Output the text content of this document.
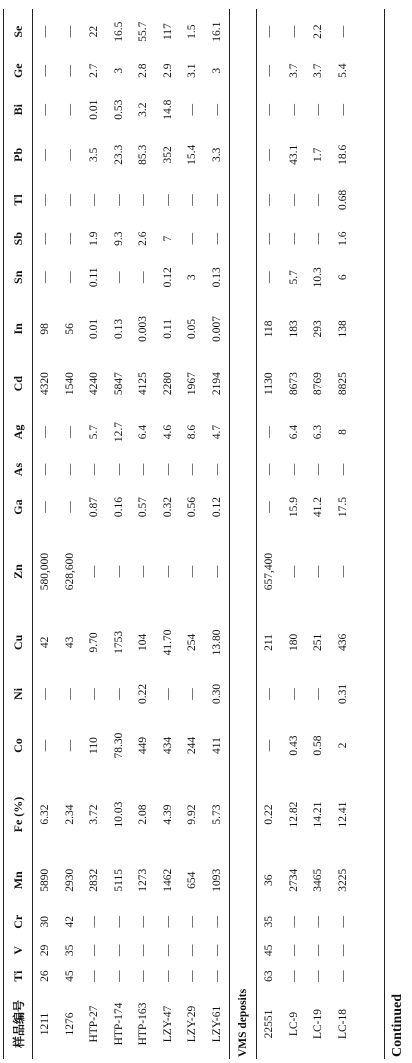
样品编号	Ti	V	Cr	Mn	Fe (%)	Co	Ni	Cu	Zn	Ga	As	Ag	Cd	In	Sn	Sb	Tl	Pb	Bi	Ge	Se
1211	26	29	30	5890	6.32	—	—	42	580,000	—	—	—	4320	98	—	—	—	—	—	—	—
1276	45	35	42	2930	2.34	—	—	43	628,600	—	—	—	1540	56	—	—	—	—	—	—	—
HTP-27	—	—	—	2832	3.72	110	—	9.70	—	0.87	—	5.7	4240	0.01	0.11	1.9	—	3.5	0.01	2.7	22
HTP-174	—	—	—	5115	10.03	78.30	—	1753	—	0.16	—	12.7	5847	0.13	—	9.3	—	23.3	0.53	3	16.5
HTP-163	—	—	—	1273	2.08	449	0.22	104	—	0.57	—	6.4	4125	0.003	—	2.6	—	85.3	3.2	2.8	55.7
LZY-47	—	—	—	1462	4.39	434	—	41.70	—	0.32	—	4.6	2280	0.11	0.12	7	—	352	14.8	2.9	117
LZY-29	—	—	—	654	9.92	244	—	254	—	0.56	—	8.6	1967	0.05	3	—	—	15.4	—	3.1	1.5
LZY-61	—	—	—	1093	5.73	411	0.30	13.80	—	0.12	—	4.7	2194	0.007	0.13	—	—	3.3	—	3	16.1
VMS deposits																					
22551	63	45	35	36	0.22	—	—	211	657,400	—	—	—	1130	118	—	—	—	—	—	—	—
LC-9	—	—	—	2734	12.82	0.43	—	180	—	15.9	—	6.4	8673	183	5.7	—	—	43.1	—	3.7	—
LC-19	—	—	—	3465	14.21	0.58	—	251	—	41.2	—	6.3	8769	293	10.3	—	—	1.7	—	3.7	2.2
LC-18	—	—	—	3225	12.41	2	0.31	436	—	17.5	—	8	8825	138	6	1.6	0.68	18.6	—	5.4	—
Continued
